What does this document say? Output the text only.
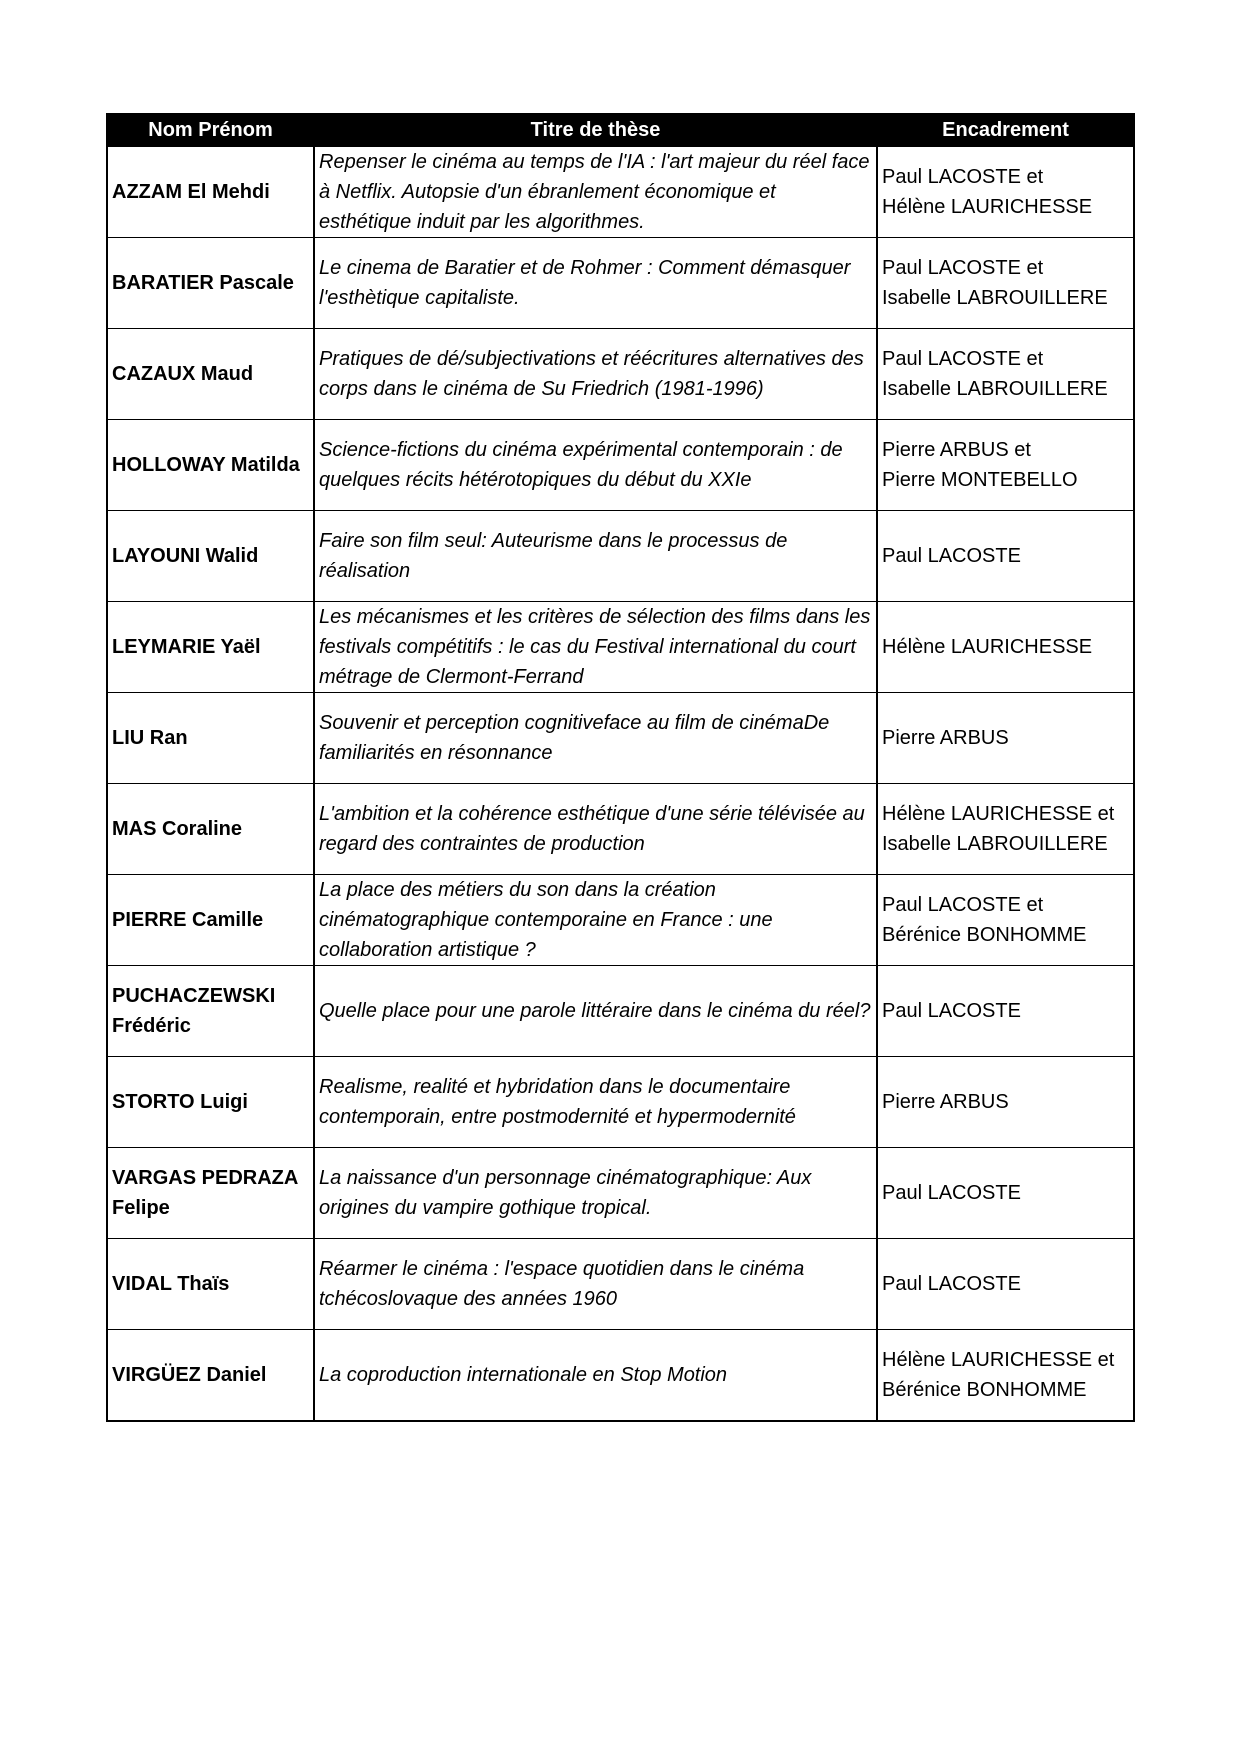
Nom Prénom	Titre de thèse	Encadrement
AZZAM El Mehdi	Repenser le cinéma au temps de l'IA : l'art majeur du réel face à Netflix. Autopsie d'un ébranlement économique et esthétique induit par les algorithmes.	Paul LACOSTE et
Hélène LAURICHESSE
BARATIER Pascale	Le cinema de Baratier et de Rohmer : Comment démasquer l'esthètique capitaliste.	Paul LACOSTE et
Isabelle LABROUILLERE
CAZAUX Maud	Pratiques de dé/subjectivations et réécritures alternatives des corps dans le cinéma de Su Friedrich (1981-1996)	Paul LACOSTE et
Isabelle LABROUILLERE
HOLLOWAY Matilda	Science-fictions du cinéma expérimental contemporain : de quelques récits hétérotopiques du début du XXIe	Pierre ARBUS et
Pierre MONTEBELLO
LAYOUNI Walid	Faire son film seul: Auteurisme dans le processus de réalisation	Paul LACOSTE
LEYMARIE Yaël	Les mécanismes et les critères de sélection des films dans les festivals compétitifs : le cas du Festival international du court métrage de Clermont-Ferrand	Hélène LAURICHESSE
LIU Ran	Souvenir et perception cognitiveface au film de cinémaDe familiarités en résonnance	Pierre ARBUS
MAS Coraline	L'ambition et la cohérence esthétique d'une série télévisée au regard des contraintes de production	Hélène LAURICHESSE et
Isabelle LABROUILLERE
PIERRE Camille	La place des métiers du son dans la création cinématographique contemporaine en France : une collaboration artistique ?	Paul LACOSTE et
Bérénice BONHOMME
PUCHACZEWSKI Frédéric	Quelle place pour une parole littéraire dans le cinéma du réel?	Paul LACOSTE
STORTO Luigi	Realisme, realité et hybridation dans le documentaire contemporain, entre postmodernité et hypermodernité	Pierre ARBUS
VARGAS PEDRAZA Felipe	La naissance d'un personnage cinématographique: Aux origines du vampire gothique tropical.	Paul LACOSTE
VIDAL Thaïs	Réarmer le cinéma : l'espace quotidien dans le cinéma tchécoslovaque des années 1960	Paul LACOSTE
VIRGÜEZ Daniel	La coproduction internationale en Stop Motion	Hélène LAURICHESSE et
Bérénice BONHOMME
